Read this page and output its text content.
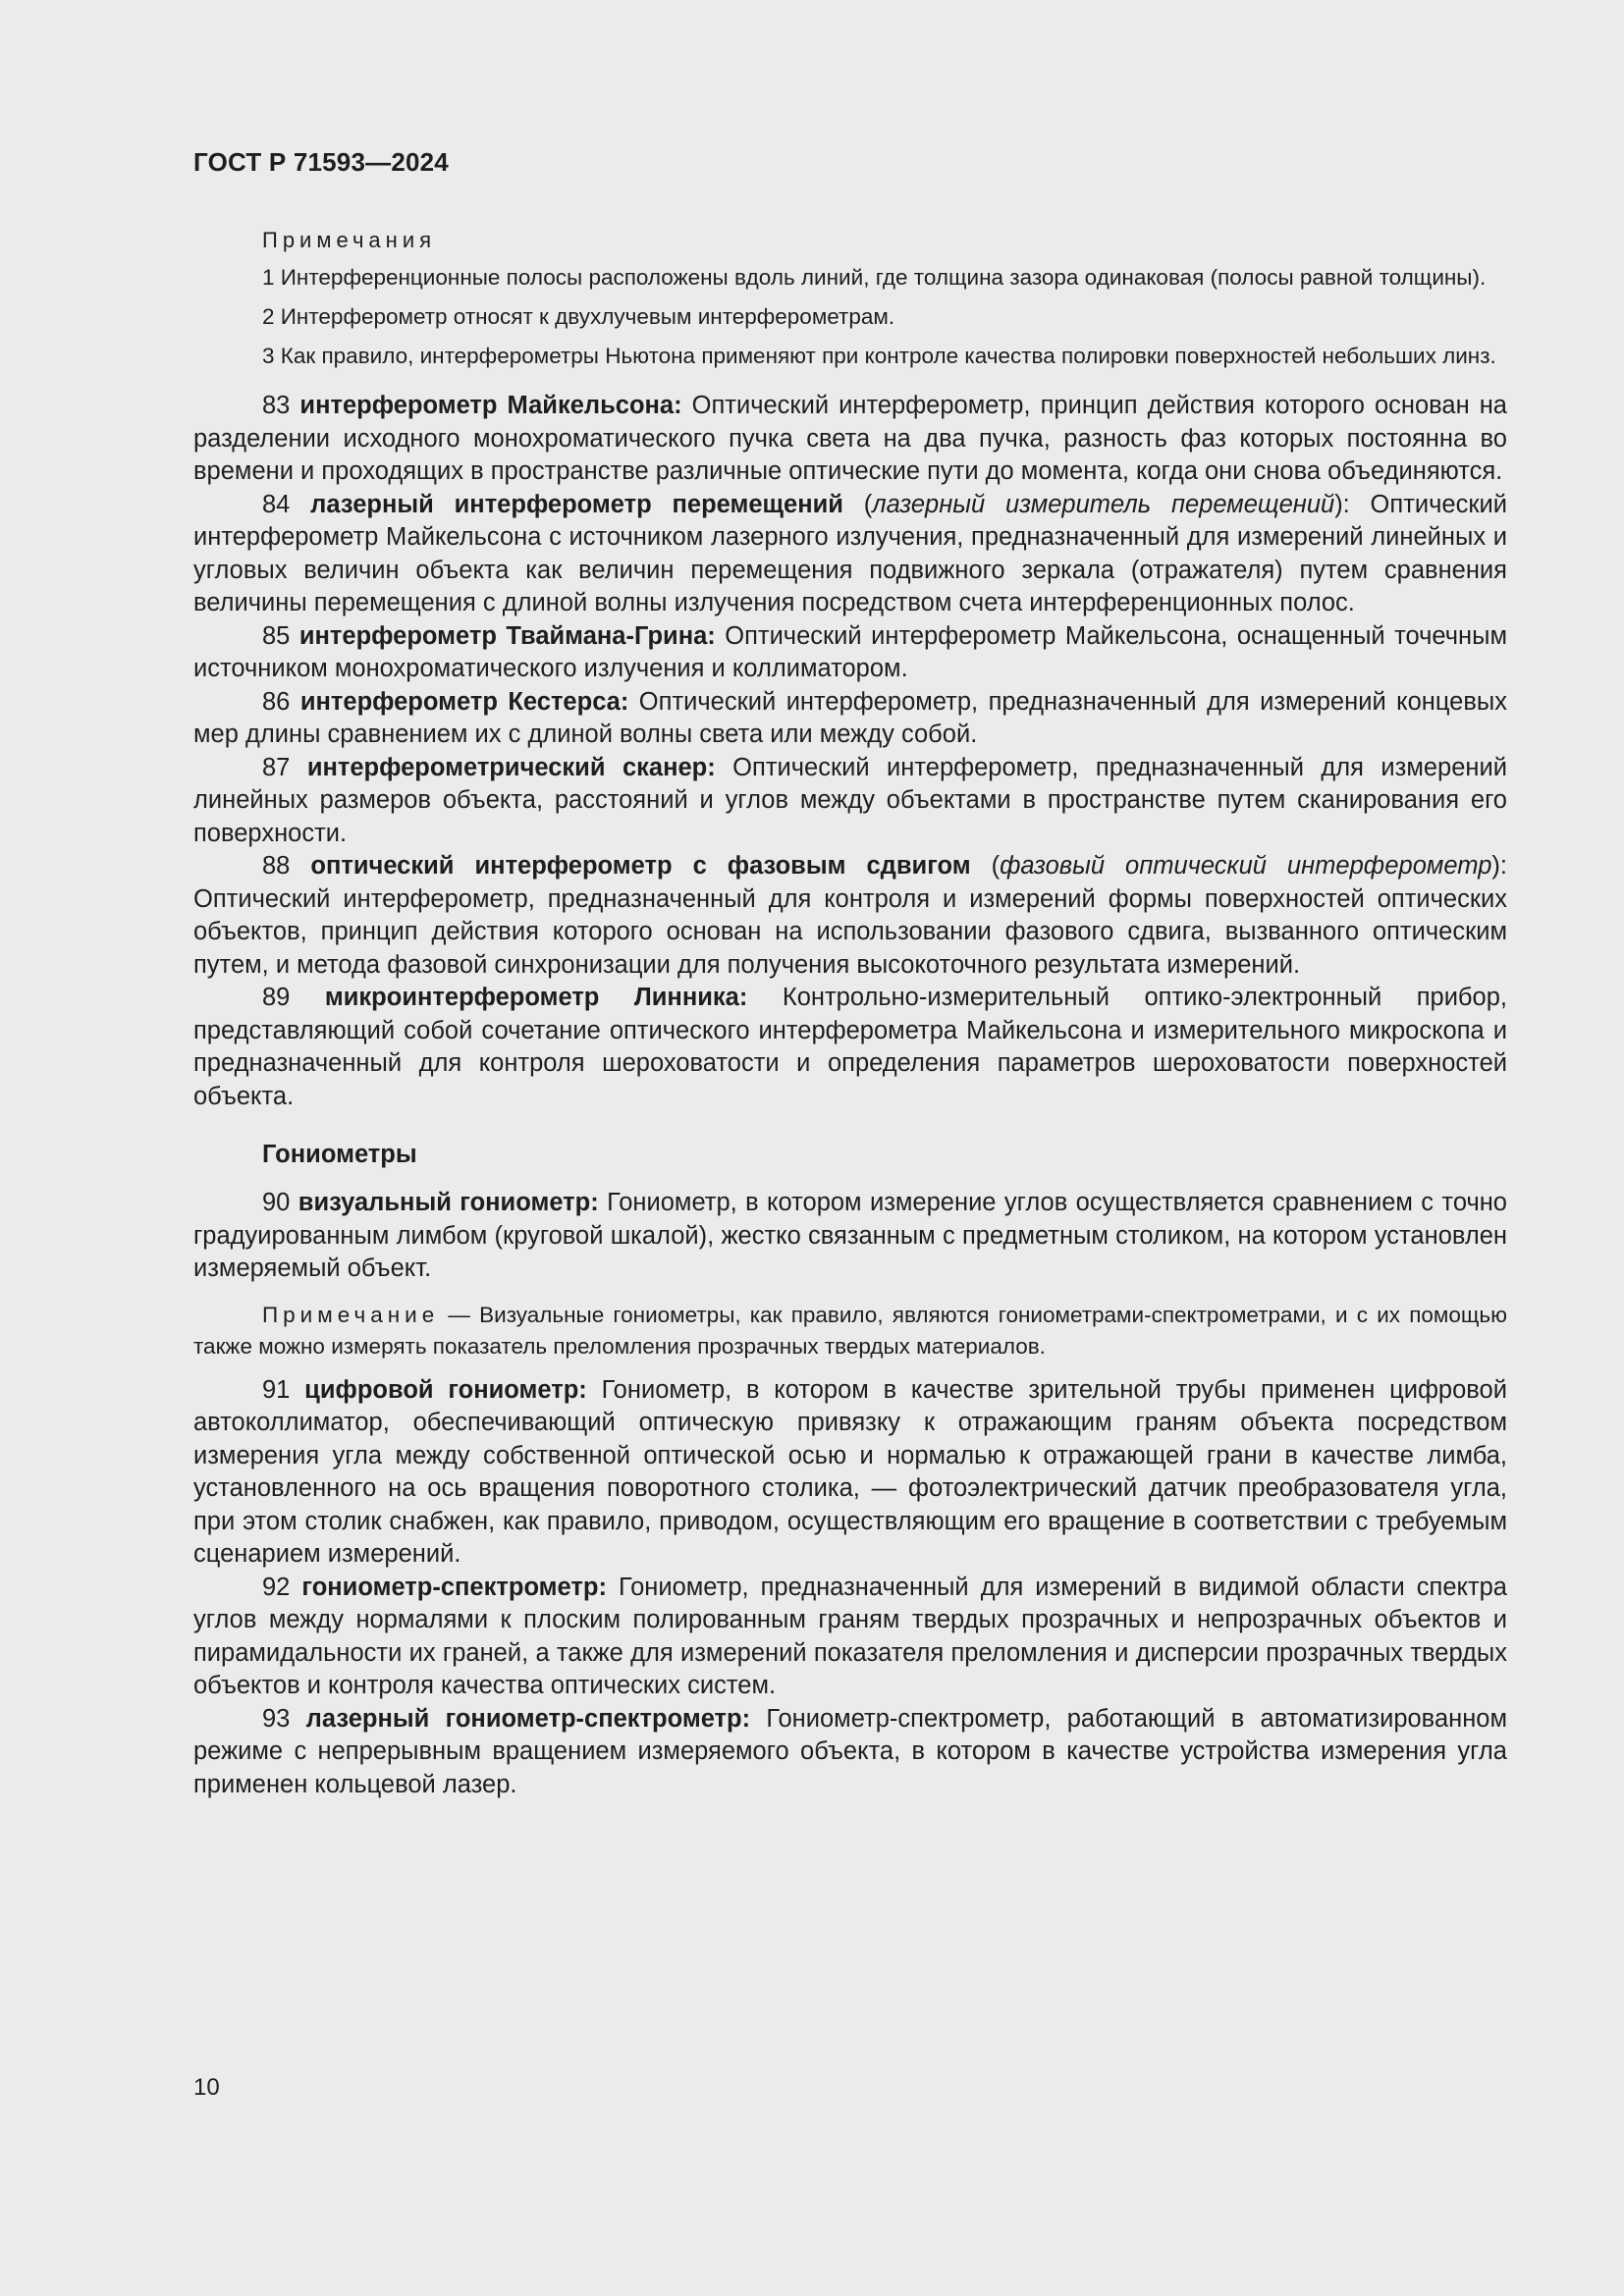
ГОСТ Р 71593—2024
Примечания

1 Интерференционные полосы расположены вдоль линий, где толщина зазора одинаковая (полосы равной толщины).

2 Интерферометр относят к двухлучевым интерферометрам.

3 Как правило, интерферометры Ньютона применяют при контроле качества полировки поверхностей небольших линз.

83 интерферометр Майкельсона: Оптический интерферометр, принцип действия которого основан на разделении исходного монохроматического пучка света на два пучка, разность фаз которых постоянна во времени и проходящих в пространстве различные оптические пути до момента, когда они снова объединяются.

84 лазерный интерферометр перемещений (лазерный измеритель перемещений): Оптический интерферометр Майкельсона с источником лазерного излучения, предназначенный для измерений линейных и угловых величин объекта как величин перемещения подвижного зеркала (отражателя) путем сравнения величины перемещения с длиной волны излучения посредством счета интерференционных полос.

85 интерферометр Тваймана-Грина: Оптический интерферометр Майкельсона, оснащенный точечным источником монохроматического излучения и коллиматором.

86 интерферометр Кестерса: Оптический интерферометр, предназначенный для измерений концевых мер длины сравнением их с длиной волны света или между собой.

87 интерферометрический сканер: Оптический интерферометр, предназначенный для измерений линейных размеров объекта, расстояний и углов между объектами в пространстве путем сканирования его поверхности.

88 оптический интерферометр с фазовым сдвигом (фазовый оптический интерферометр): Оптический интерферометр, предназначенный для контроля и измерений формы поверхностей оптических объектов, принцип действия которого основан на использовании фазового сдвига, вызванного оптическим путем, и метода фазовой синхронизации для получения высокоточного результата измерений.

89 микроинтерферометр Линника: Контрольно-измерительный оптико-электронный прибор, представляющий собой сочетание оптического интерферометра Майкельсона и измерительного микроскопа и предназначенный для контроля шероховатости и определения параметров шероховатости поверхностей объекта.

Гониометры

90 визуальный гониометр: Гониометр, в котором измерение углов осуществляется сравнением с точно градуированным лимбом (круговой шкалой), жестко связанным с предметным столиком, на котором установлен измеряемый объект.

Примечание — Визуальные гониометры, как правило, являются гониометрами-спектрометрами, и с их помощью также можно измерять показатель преломления прозрачных твердых материалов.

91 цифровой гониометр: Гониометр, в котором в качестве зрительной трубы применен цифровой автоколлиматор, обеспечивающий оптическую привязку к отражающим граням объекта посредством измерения угла между собственной оптической осью и нормалью к отражающей грани в качестве лимба, установленного на ось вращения поворотного столика, — фотоэлектрический датчик преобразователя угла, при этом столик снабжен, как правило, приводом, осуществляющим его вращение в соответствии с требуемым сценарием измерений.

92 гониометр-спектрометр: Гониометр, предназначенный для измерений в видимой области спектра углов между нормалями к плоским полированным граням твердых прозрачных и непрозрачных объектов и пирамидальности их граней, а также для измерений показателя преломления и дисперсии прозрачных твердых объектов и контроля качества оптических систем.

93 лазерный гониометр-спектрометр: Гониометр-спектрометр, работающий в автоматизированном режиме с непрерывным вращением измеряемого объекта, в котором в качестве устройства измерения угла применен кольцевой лазер.

10
